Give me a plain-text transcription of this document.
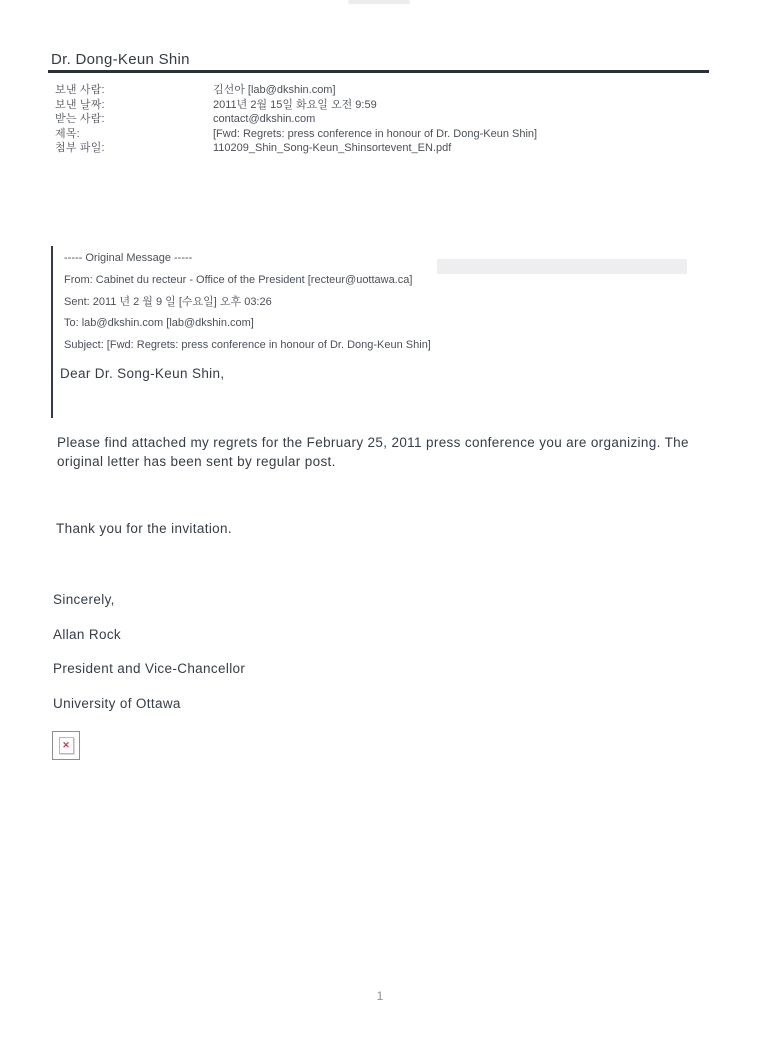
Dr. Dong-Keun Shin
보낸 사람:	김선아 [lab@dkshin.com]
보낸 날짜:	2011년 2월 15일 화요일 오전 9:59
받는 사람:	contact@dkshin.com
제목:	[Fwd: Regrets: press conference in honour of Dr. Dong-Keun Shin]
첨부 파일:	110209_Shin_Song-Keun_Shinsortevent_EN.pdf
----- Original Message -----
From: Cabinet du recteur - Office of the President [recteur@uottawa.ca]
Sent: 2011 년 2 월 9 일 [수요일] 오후 03:26
To: lab@dkshin.com [lab@dkshin.com]
Subject: [Fwd: Regrets: press conference in honour of Dr. Dong-Keun Shin]
Dear Dr. Song-Keun Shin,
Please find attached my regrets for the February 25, 2011 press conference you are organizing. The original letter has been sent by regular post.
Thank you for the invitation.
Sincerely,
Allan Rock
President and Vice-Chancellor
University of Ottawa
✕
1
